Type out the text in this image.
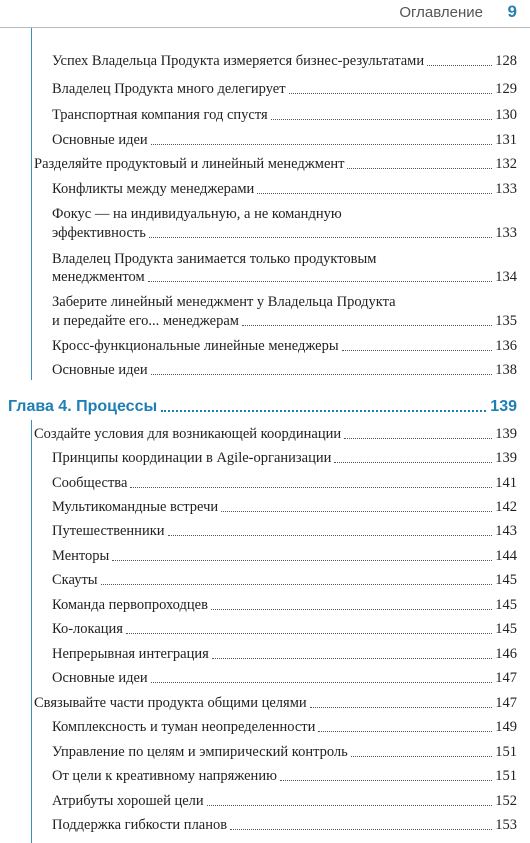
Оглавление 9
Успех Владельца Продукта измеряется бизнес-результатами	128
Владелец Продукта много делегирует	129
Транспортная компания год спустя	130
Основные идеи	131
Разделяйте продуктовый и линейный менеджмент	132
Конфликты между менеджерами	133
Фокус — на индивидуальную, а не командную
эффективность	133
Владелец Продукта занимается только продуктовым
менеджментом	134
Заберите линейный менеджмент у Владельца Продукта
и передайте его... менеджерам	135
Кросс-функциональные линейные менеджеры	136
Основные идеи	138
Глава 4. Процессы	139
Создайте условия для возникающей координации	139
Принципы координации в Agile-организации	139
Сообщества	141
Мультикомандные встречи	142
Путешественники	143
Менторы	144
Скауты	145
Команда первопроходцев	145
Ко-локация	145
Непрерывная интеграция	146
Основные идеи	147
Связывайте части продукта общими целями	147
Комплексность и туман неопределенности	149
Управление по целям и эмпирический контроль	151
От цели к креативному напряжению	151
Атрибуты хорошей цели	152
Поддержка гибкости планов	153
